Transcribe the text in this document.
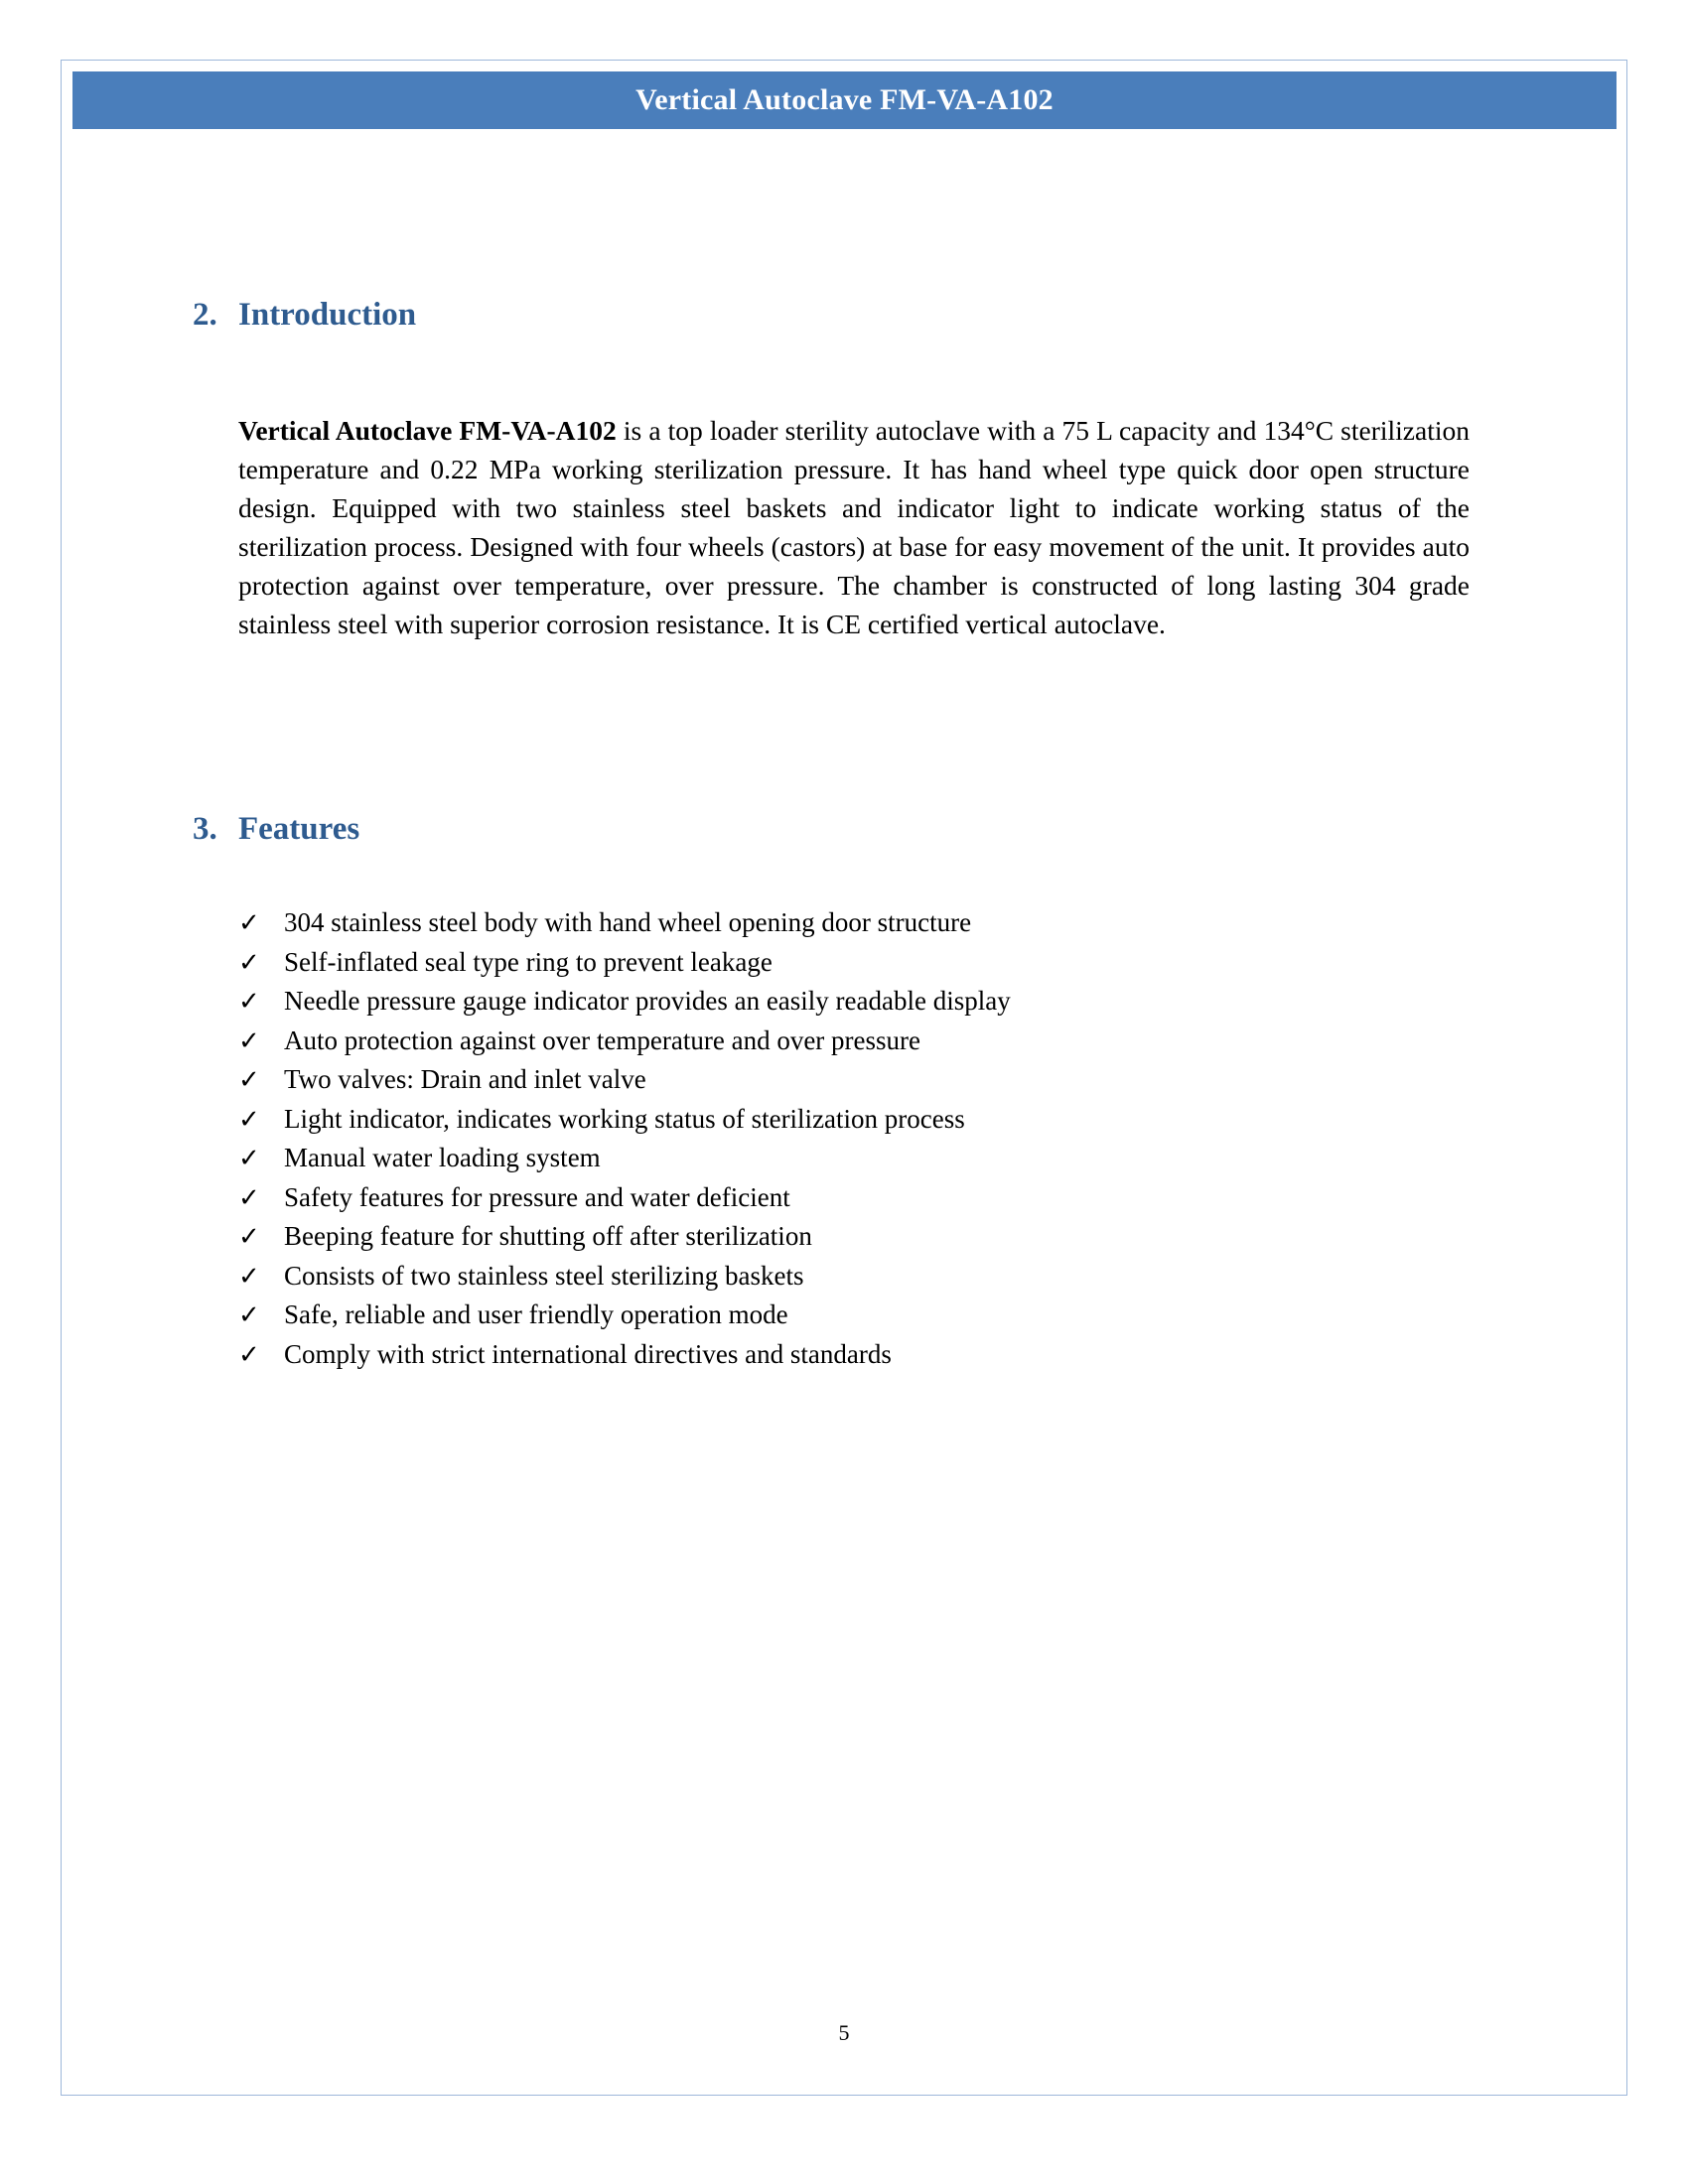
Vertical Autoclave FM-VA-A102
2. Introduction

Vertical Autoclave FM-VA-A102 is a top loader sterility autoclave with a 75 L capacity and 134°C sterilization temperature and 0.22 MPa working sterilization pressure. It has hand wheel type quick door open structure design. Equipped with two stainless steel baskets and indicator light to indicate working status of the sterilization process. Designed with four wheels (castors) at base for easy movement of the unit. It provides auto protection against over temperature, over pressure. The chamber is constructed of long lasting 304 grade stainless steel with superior corrosion resistance. It is CE certified vertical autoclave.

3. Features
✓ 304 stainless steel body with hand wheel opening door structure
✓ Self-inflated seal type ring to prevent leakage
✓ Needle pressure gauge indicator provides an easily readable display
✓ Auto protection against over temperature and over pressure
✓ Two valves: Drain and inlet valve
✓ Light indicator, indicates working status of sterilization process
✓ Manual water loading system
✓ Safety features for pressure and water deficient
✓ Beeping feature for shutting off after sterilization
✓ Consists of two stainless steel sterilizing baskets
✓ Safe, reliable and user friendly operation mode
✓ Comply with strict international directives and standards
5
